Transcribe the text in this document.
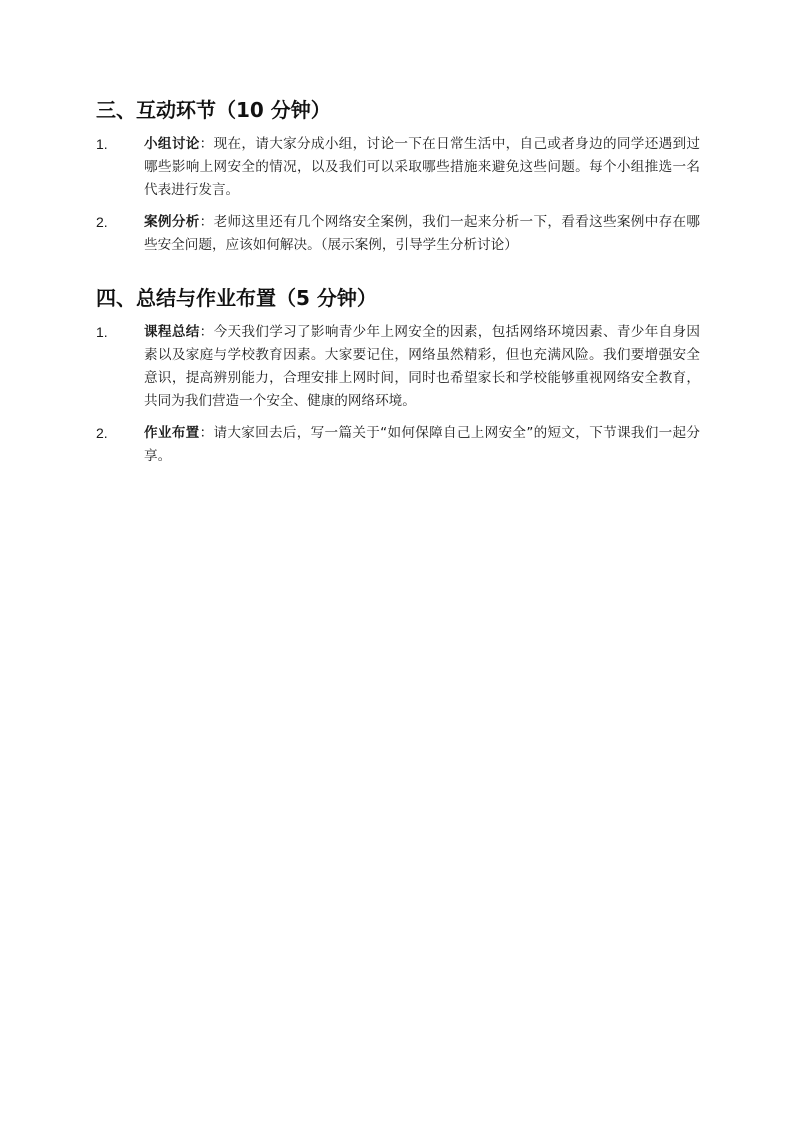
三、互动环节（10 分钟）
1.	小组讨论：现在，请大家分成小组，讨论一下在日常生活中，自己或者身边的同学还遇到过哪些影响上网安全的情况，以及我们可以采取哪些措施来避免这些问题。每个小组推选一名代表进行发言。
2.	案例分析：老师这里还有几个网络安全案例，我们一起来分析一下，看看这些案例中存在哪些安全问题，应该如何解决。（展示案例，引导学生分析讨论）
四、总结与作业布置（5 分钟）
1.	课程总结：今天我们学习了影响青少年上网安全的因素，包括网络环境因素、青少年自身因素以及家庭与学校教育因素。大家要记住，网络虽然精彩，但也充满风险。我们要增强安全意识，提高辨别能力，合理安排上网时间，同时也希望家长和学校能够重视网络安全教育，共同为我们营造一个安全、健康的网络环境。
2.	作业布置：请大家回去后，写一篇关于“如何保障自己上网安全”的短文，下节课我们一起分享。
